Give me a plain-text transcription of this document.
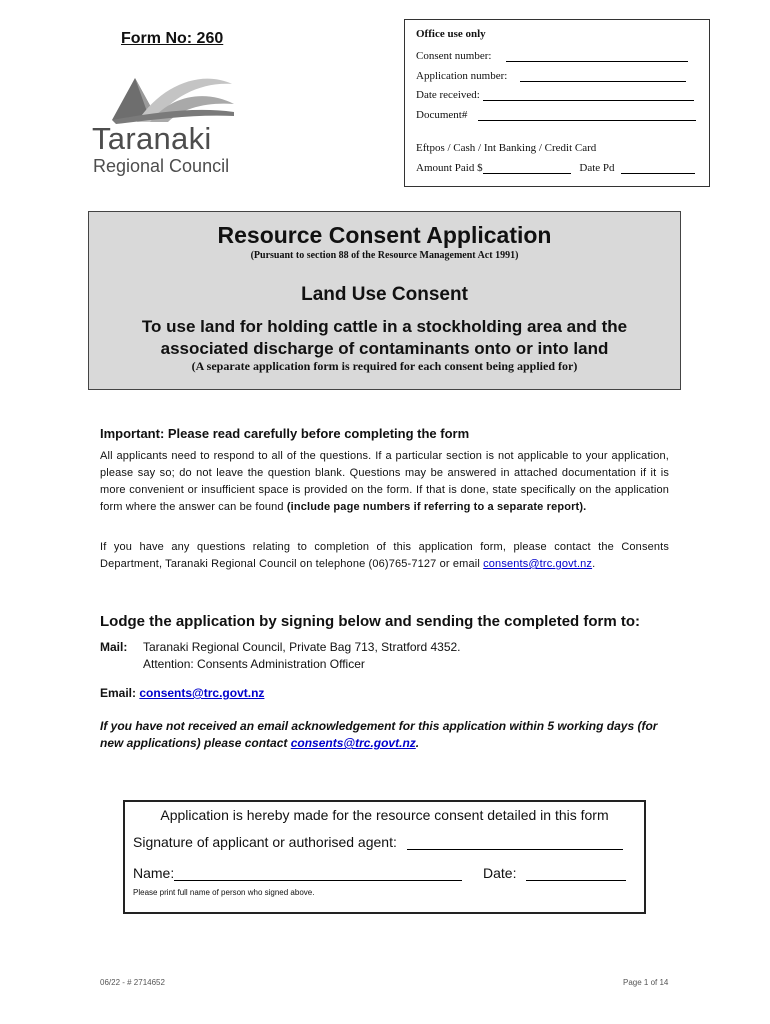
Form No: 260
Taranaki
Regional Council
Office use only
Consent number:
Application number:
Date received:
Document#
Eftpos / Cash / Int Banking / Credit Card
Amount Paid $	Date Pd
Resource Consent Application
(Pursuant to section 88 of the Resource Management Act 1991)
Land Use Consent
To use land for holding cattle in a stockholding area and the associated discharge of contaminants onto or into land
(A separate application form is required for each consent being applied for)
Important: Please read carefully before completing the form
All applicants need to respond to all of the questions. If a particular section is not applicable to your application, please say so; do not leave the question blank. Questions may be answered in attached documentation if it is more convenient or insufficient space is provided on the form. If that is done, state specifically on the application form where the answer can be found (include page numbers if referring to a separate report).
If you have any questions relating to completion of this application form, please contact the Consents Department, Taranaki Regional Council on telephone (06)765-7127 or email consents@trc.govt.nz.
Lodge the application by signing below and sending the completed form to:
Mail: Taranaki Regional Council, Private Bag 713, Stratford 4352.
Attention: Consents Administration Officer
Email: consents@trc.govt.nz
If you have not received an email acknowledgement for this application within 5 working days (for new applications) please contact consents@trc.govt.nz.
Application is hereby made for the resource consent detailed in this form
Signature of applicant or authorised agent:
Name:	Date:
Please print full name of person who signed above.
06/22 - # 2714652	Page 1 of 14
